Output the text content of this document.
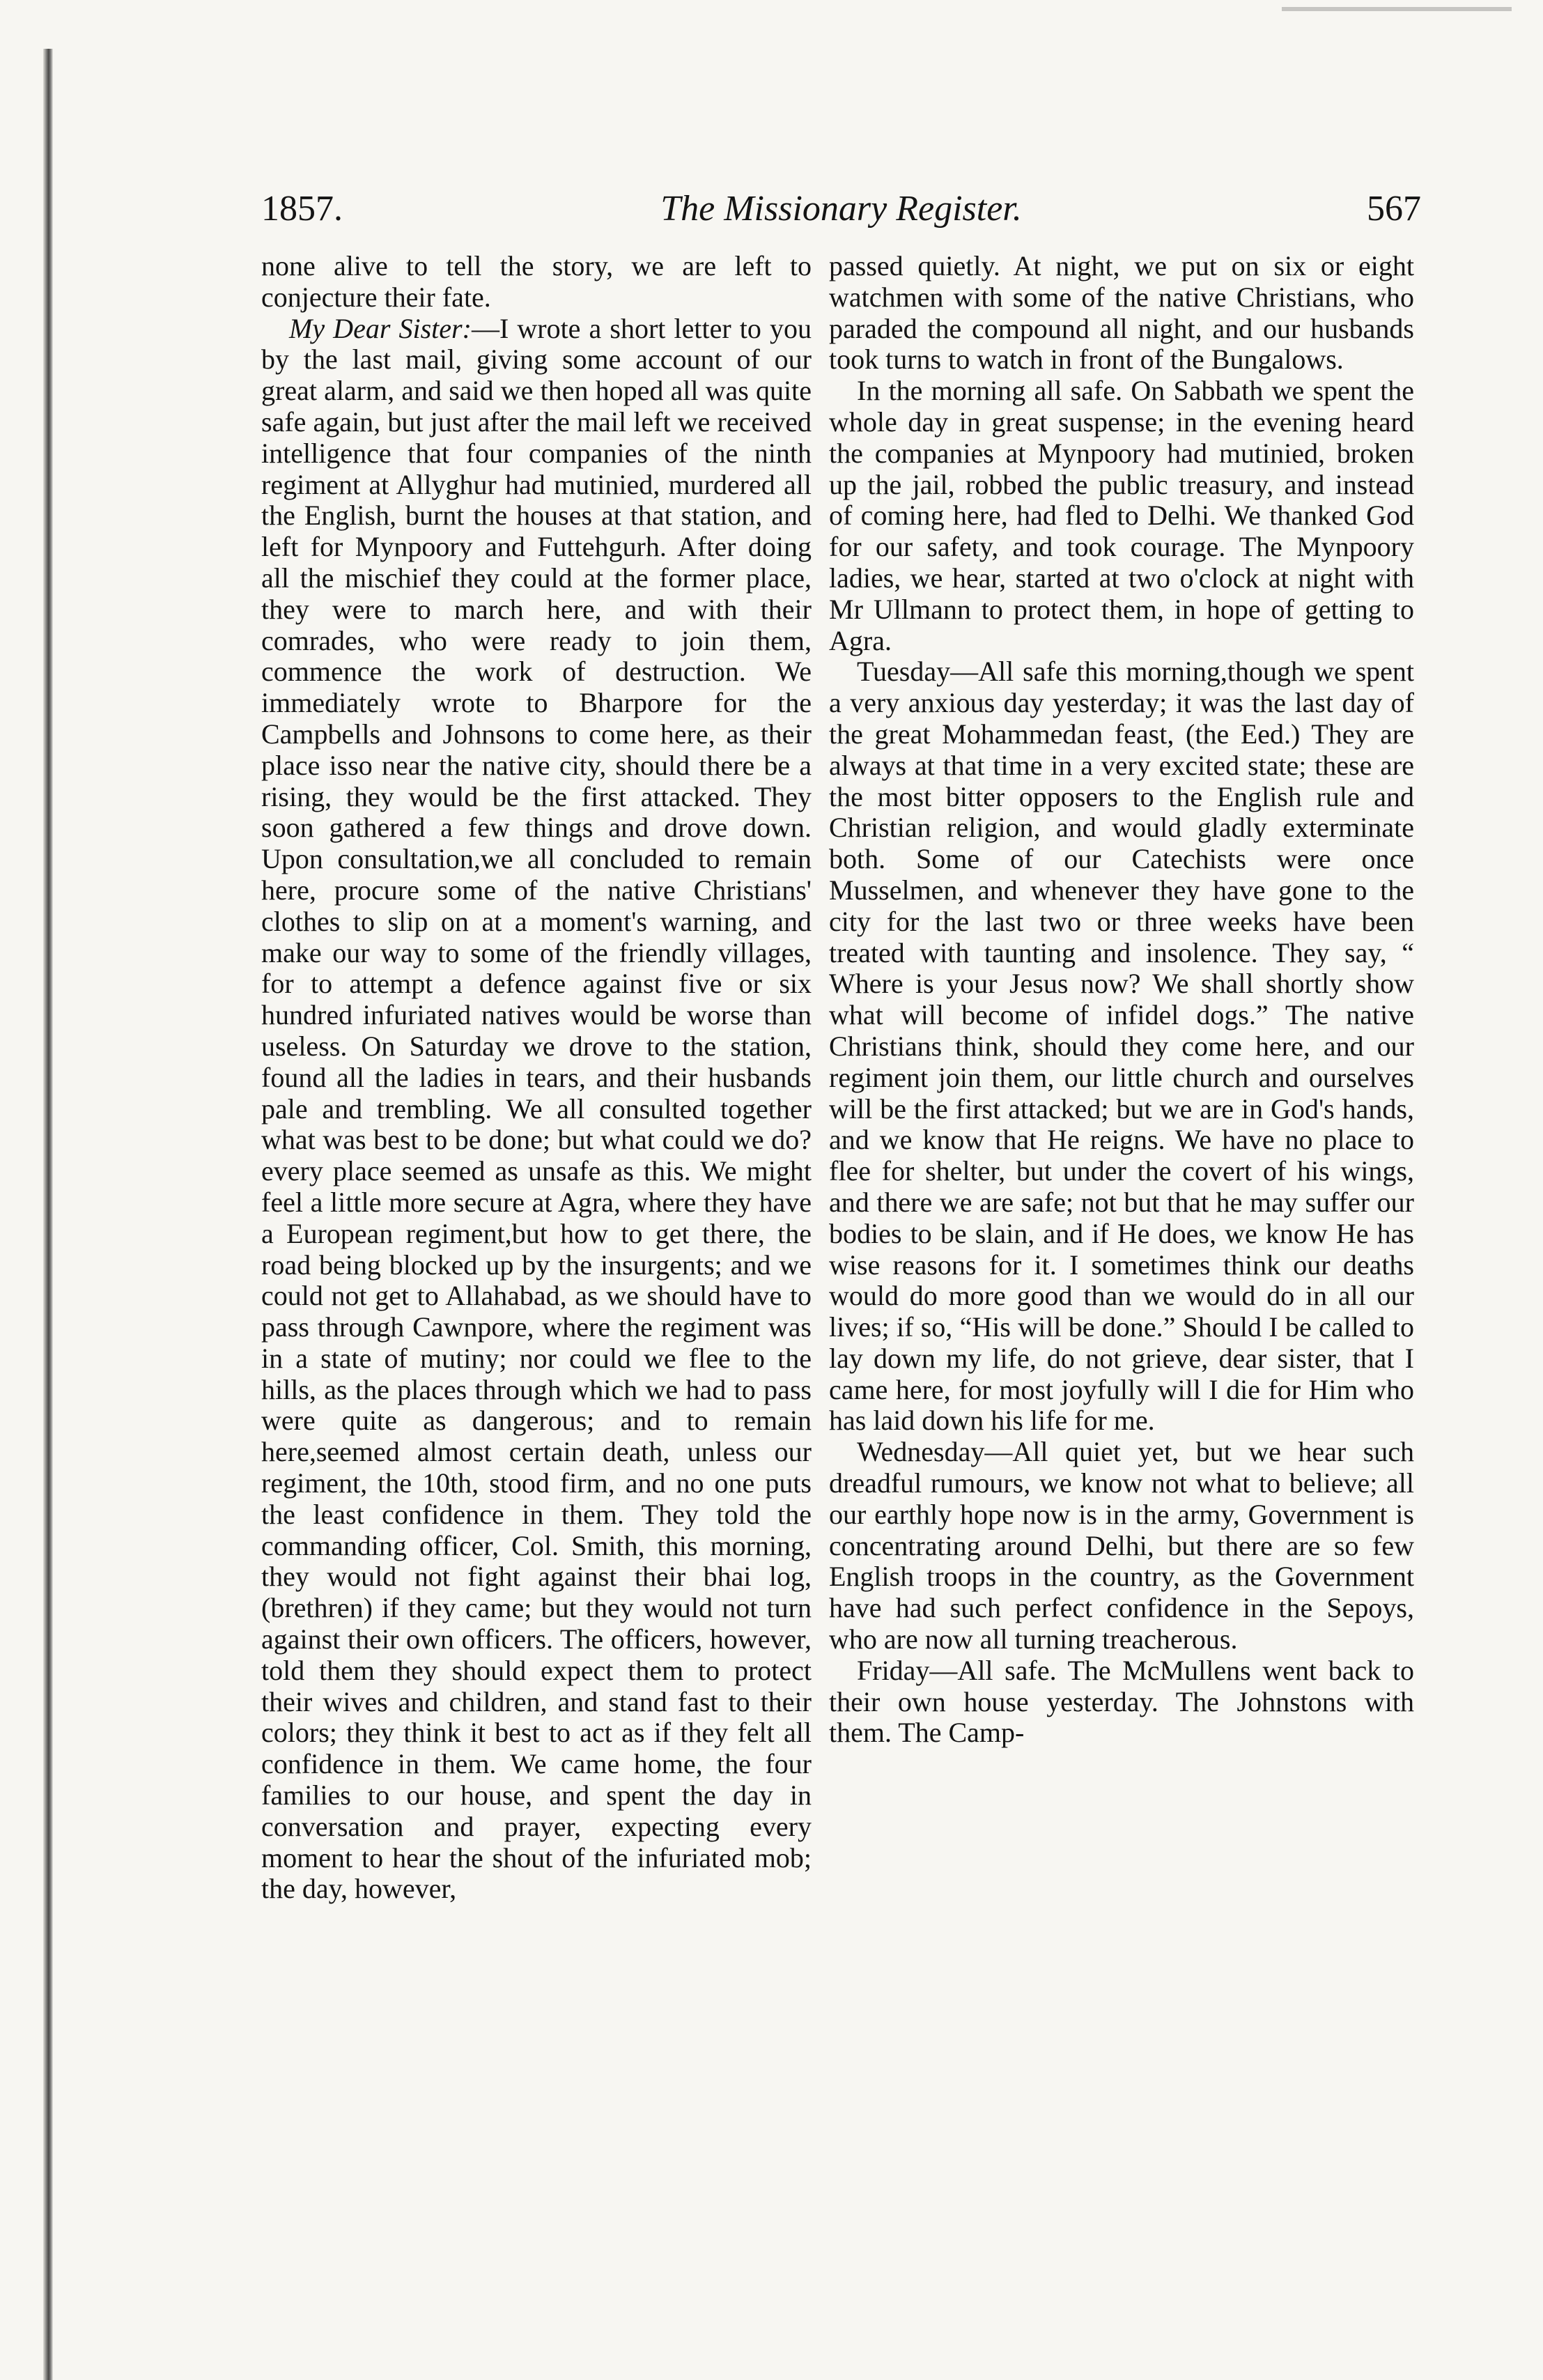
1857.	The Missionary Register.	567

none alive to tell the story, we are left to conjecture their fate.

My Dear Sister:—I wrote a short letter to you by the last mail, giving some account of our great alarm, and said we then hoped all was quite safe again, but just after the mail left we received intelligence that four companies of the ninth regiment at Allyghur had mutinied, murdered all the English, burnt the houses at that station, and left for Mynpoory and Futtehgurh. After doing all the mischief they could at the former place, they were to march here, and with their comrades, who were ready to join them, commence the work of destruction. We immediately wrote to Bharpore for the Campbells and Johnsons to come here, as their place isso near the native city, should there be a rising, they would be the first attacked. They soon gathered a few things and drove down. Upon consultation,we all concluded to remain here, procure some of the native Christians' clothes to slip on at a moment's warning, and make our way to some of the friendly villages, for to attempt a defence against five or six hundred infuriated natives would be worse than useless. On Saturday we drove to the station, found all the ladies in tears, and their husbands pale and trembling. We all consulted together what was best to be done; but what could we do? every place seemed as unsafe as this. We might feel a little more secure at Agra, where they have a European regiment,but how to get there, the road being blocked up by the insurgents; and we could not get to Allahabad, as we should have to pass through Cawnpore, where the regiment was in a state of mutiny; nor could we flee to the hills, as the places through which we had to pass were quite as dangerous; and to remain here,seemed almost certain death, unless our regiment, the 10th, stood firm, and no one puts the least confidence in them. They told the commanding officer, Col. Smith, this morning, they would not fight against their bhai log, (brethren) if they came; but they would not turn against their own officers. The officers, however, told them they should expect them to protect their wives and children, and stand fast to their colors; they think it best to act as if they felt all confidence in them. We came home, the four families to our house, and spent the day in conversation and prayer, expecting every moment to hear the shout of the infuriated mob; the day, however,

passed quietly. At night, we put on six or eight watchmen with some of the native Christians, who paraded the compound all night, and our husbands took turns to watch in front of the Bungalows.

In the morning all safe. On Sabbath we spent the whole day in great suspense; in the evening heard the companies at Mynpoory had mutinied, broken up the jail, robbed the public treasury, and instead of coming here, had fled to Delhi. We thanked God for our safety, and took courage. The Mynpoory ladies, we hear, started at two o'clock at night with Mr Ullmann to protect them, in hope of getting to Agra.

Tuesday—All safe this morning,though we spent a very anxious day yesterday; it was the last day of the great Mohammedan feast, (the Eed.) They are always at that time in a very excited state; these are the most bitter opposers to the English rule and Christian religion, and would gladly exterminate both. Some of our Catechists were once Musselmen, and whenever they have gone to the city for the last two or three weeks have been treated with taunting and insolence. They say, “ Where is your Jesus now? We shall shortly show what will become of infidel dogs.” The native Christians think, should they come here, and our regiment join them, our little church and ourselves will be the first attacked; but we are in God's hands, and we know that He reigns. We have no place to flee for shelter, but under the covert of his wings, and there we are safe; not but that he may suffer our bodies to be slain, and if He does, we know He has wise reasons for it. I sometimes think our deaths would do more good than we would do in all our lives; if so, “His will be done.” Should I be called to lay down my life, do not grieve, dear sister, that I came here, for most joyfully will I die for Him who has laid down his life for me.

Wednesday—All quiet yet, but we hear such dreadful rumours, we know not what to believe; all our earthly hope now is in the army, Government is concentrating around Delhi, but there are so few English troops in the country, as the Government have had such perfect confidence in the Sepoys, who are now all turning treacherous.

Friday—All safe. The McMullens went back to their own house yesterday. The Johnstons with them. The Camp-
